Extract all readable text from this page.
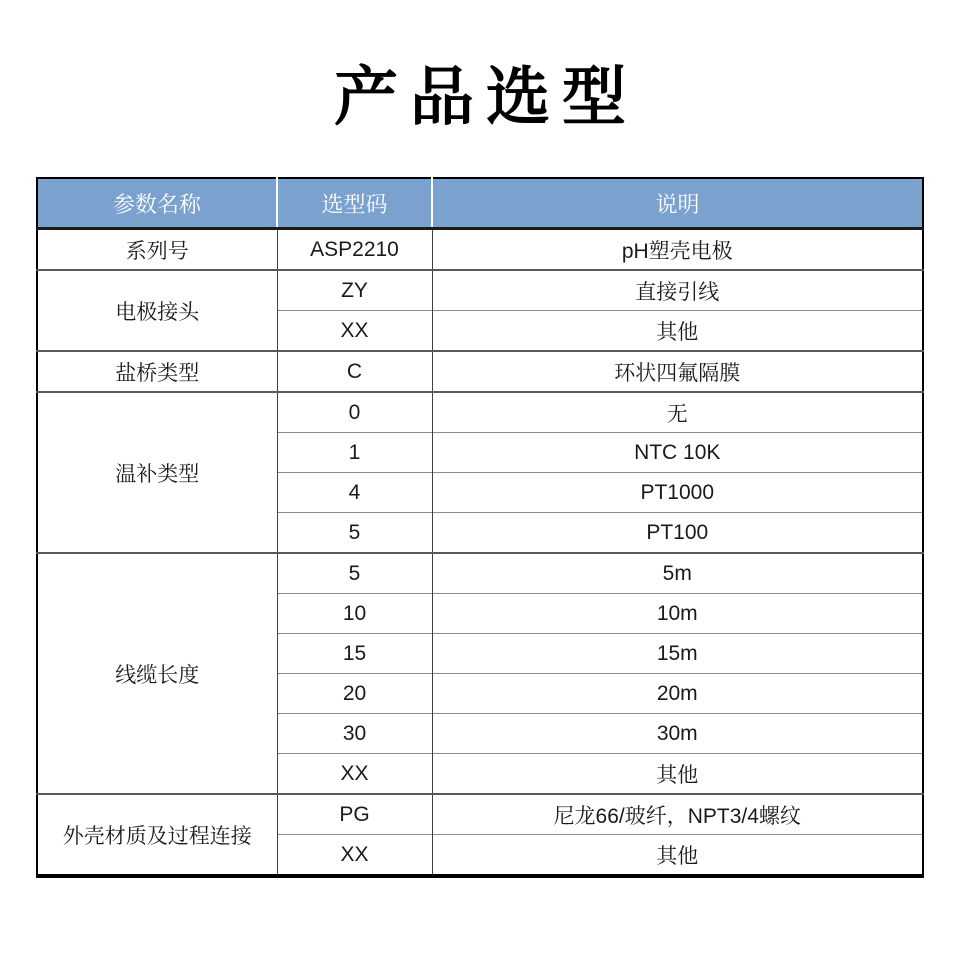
产品选型
参数名称	选型码	说明
系列号	ASP2210	pH塑壳电极
电极接头	ZY	直接引线
	XX	其他
盐桥类型	C	环状四氟隔膜
温补类型	0	无
	1	NTC 10K
	4	PT1000
	5	PT100
线缆长度	5	5m
	10	10m
	15	15m
	20	20m
	30	30m
	XX	其他
外壳材质及过程连接	PG	尼龙66/玻纤，NPT3/4螺纹
	XX	其他
